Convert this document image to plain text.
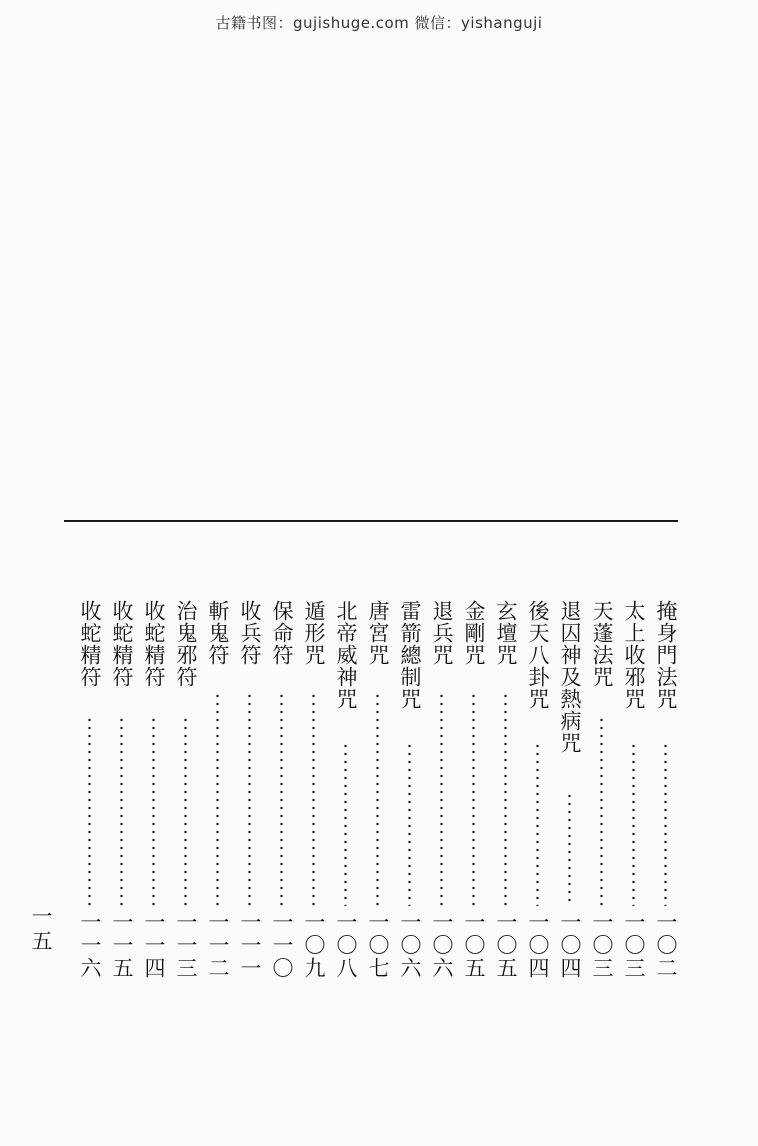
古籍书图：gujishuge.com 微信：yishanguji
掩身門法咒
一〇二
太上收邪咒
一〇三
天蓬法咒
一〇三
退囚神及熱病咒
一〇四
後天八卦咒
一〇四
玄壇咒
一〇五
金剛咒
一〇五
退兵咒
一〇六
雷箭總制咒
一〇六
唐宮咒
一〇七
北帝威神咒
一〇八
遁形咒
一〇九
保命符
一一〇
收兵符
一一一
斬鬼符
一一二
治鬼邪符
一一三
收蛇精符
一一四
收蛇精符
一一五
收蛇精符
一一六
一五
